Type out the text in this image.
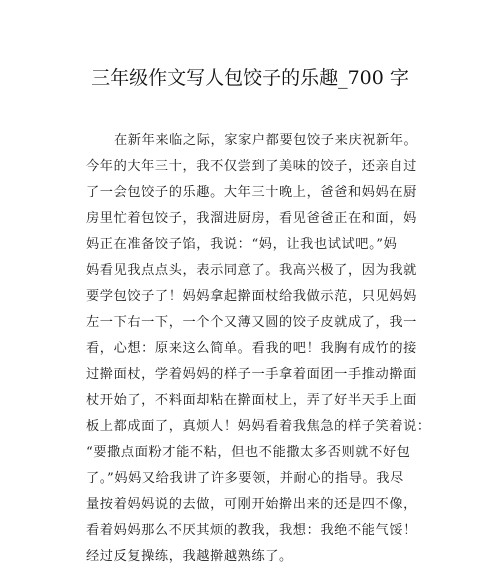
三年级作文写人包饺子的乐趣_700 字
在新年来临之际，家家户都要包饺子来庆祝新年。
今年的大年三十，我不仅尝到了美味的饺子，还亲自过
了一会包饺子的乐趣。大年三十晚上，爸爸和妈妈在厨
房里忙着包饺子，我溜进厨房，看见爸爸正在和面，妈
妈正在准备饺子馅，我说：“妈，让我也试试吧。”妈
妈看见我点点头，表示同意了。我高兴极了，因为我就
要学包饺子了！妈妈拿起擀面杖给我做示范，只见妈妈
左一下右一下，一个个又薄又圆的饺子皮就成了，我一
看，心想：原来这么简单。看我的吧！我胸有成竹的接
过擀面杖，学着妈妈的样子一手拿着面团一手推动擀面
杖开始了，不料面却粘在擀面杖上，弄了好半天手上面
板上都成面了，真烦人！妈妈看着我焦急的样子笑着说：
“要撒点面粉才能不粘，但也不能撒太多否则就不好包
了。”妈妈又给我讲了许多要领，并耐心的指导。我尽
量按着妈妈说的去做，可刚开始擀出来的还是四不像，
看着妈妈那么不厌其烦的教我，我想：我绝不能气馁！
经过反复操练，我越擀越熟练了。
